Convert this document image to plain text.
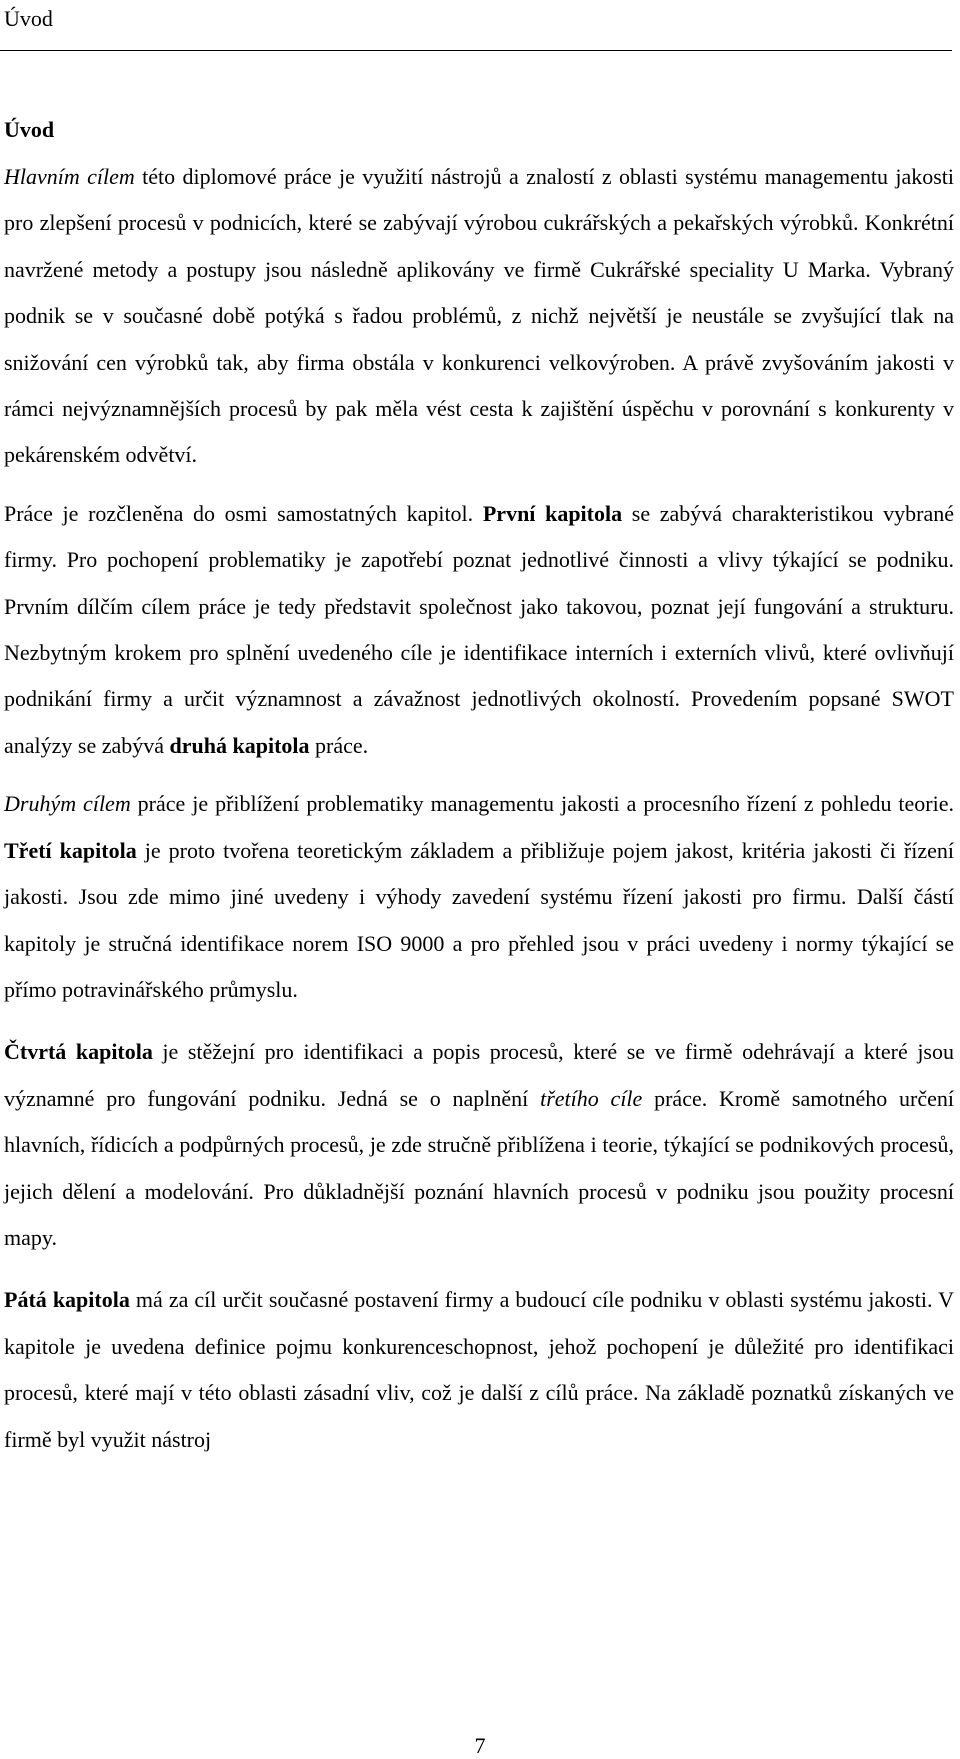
Úvod

Úvod

Hlavním cílem této diplomové práce je využití nástrojů a znalostí z oblasti systému managementu jakosti pro zlepšení procesů v podnicích, které se zabývají výrobou cukrářských a pekařských výrobků. Konkrétní navržené metody a postupy jsou následně aplikovány ve firmě Cukrářské speciality U Marka. Vybraný podnik se v současné době potýká s řadou problémů, z nichž největší je neustále se zvyšující tlak na snižování cen výrobků tak, aby firma obstála v konkurenci velkovýroben. A právě zvyšováním jakosti v rámci nejvýznamnějších procesů by pak měla vést cesta k zajištění úspěchu v porovnání s konkurenty v pekárenském odvětví.

Práce je rozčleněna do osmi samostatných kapitol. První kapitola se zabývá charakteristikou vybrané firmy. Pro pochopení problematiky je zapotřebí poznat jednotlivé činnosti a vlivy týkající se podniku. Prvním dílčím cílem práce je tedy představit společnost jako takovou, poznat její fungování a strukturu. Nezbytným krokem pro splnění uvedeného cíle je identifikace interních i externích vlivů, které ovlivňují podnikání firmy a určit významnost a závažnost jednotlivých okolností. Provedením popsané SWOT analýzy se zabývá druhá kapitola práce.

Druhým cílem práce je přiblížení problematiky managementu jakosti a procesního řízení z pohledu teorie. Třetí kapitola je proto tvořena teoretickým základem a přibližuje pojem jakost, kritéria jakosti či řízení jakosti. Jsou zde mimo jiné uvedeny i výhody zavedení systému řízení jakosti pro firmu. Další částí kapitoly je stručná identifikace norem ISO 9000 a pro přehled jsou v práci uvedeny i normy týkající se přímo potravinářského průmyslu.

Čtvrtá kapitola je stěžejní pro identifikaci a popis procesů, které se ve firmě odehrávají a které jsou významné pro fungování podniku. Jedná se o naplnění třetího cíle práce. Kromě samotného určení hlavních, řídicích a podpůrných procesů, je zde stručně přiblížena i teorie, týkající se podnikových procesů, jejich dělení a modelování. Pro důkladnější poznání hlavních procesů v podniku jsou použity procesní mapy.

Pátá kapitola má za cíl určit současné postavení firmy a budoucí cíle podniku v oblasti systému jakosti. V kapitole je uvedena definice pojmu konkurenceschopnost, jehož pochopení je důležité pro identifikaci procesů, které mají v této oblasti zásadní vliv, což je další z cílů práce. Na základě poznatků získaných ve firmě byl využit nástroj

7
